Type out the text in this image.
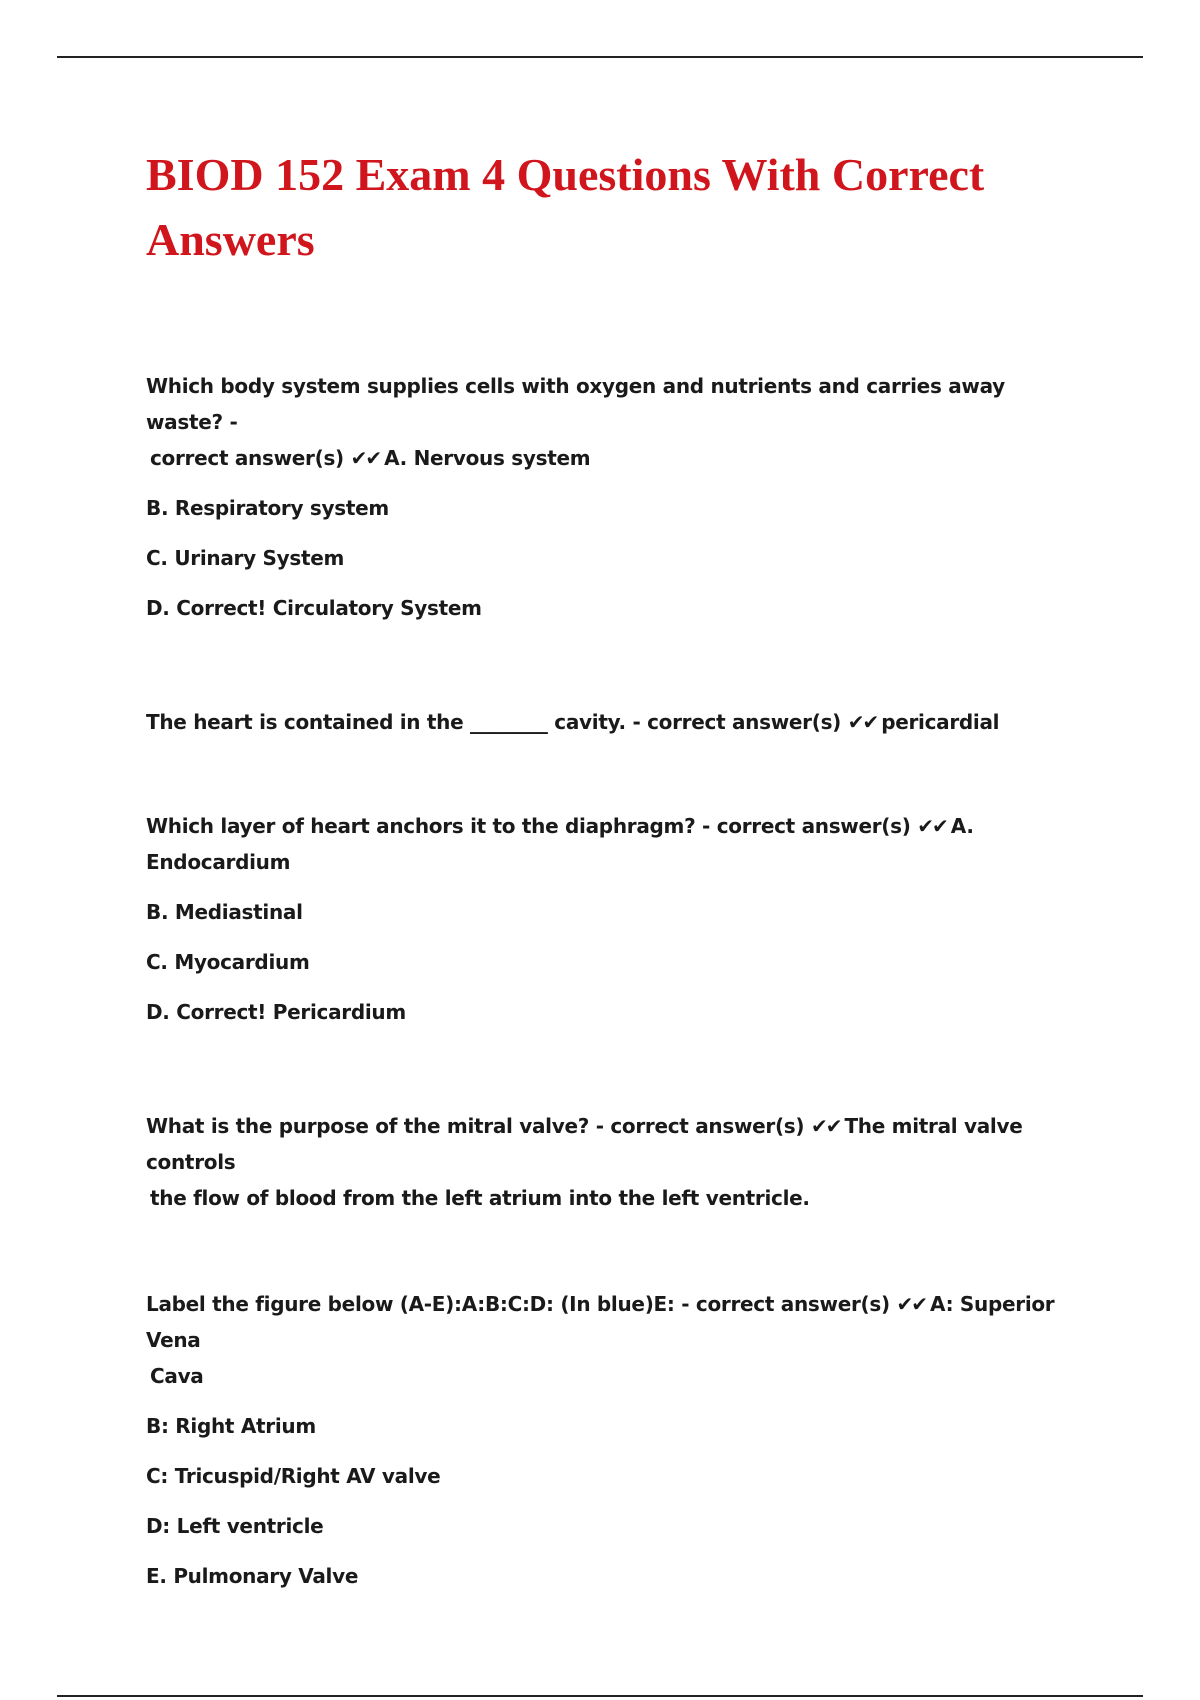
BIOD 152 Exam 4 Questions With Correct
Answers

Which body system supplies cells with oxygen and nutrients and carries away waste? -
correct answer(s) ✔✔ A. Nervous system

B. Respiratory system

C. Urinary System

D. Correct! Circulatory System

The heart is contained in the ________ cavity. - correct answer(s) ✔✔ pericardial

Which layer of heart anchors it to the diaphragm? - correct answer(s) ✔✔ A. Endocardium

B. Mediastinal

C. Myocardium

D. Correct! Pericardium

What is the purpose of the mitral valve? - correct answer(s) ✔✔ The mitral valve controls
the flow of blood from the left atrium into the left ventricle.

Label the figure below (A-E):A:B:C:D: (In blue)E: - correct answer(s) ✔✔ A: Superior Vena
Cava

B: Right Atrium

C: Tricuspid/Right AV valve

D: Left ventricle

E. Pulmonary Valve
